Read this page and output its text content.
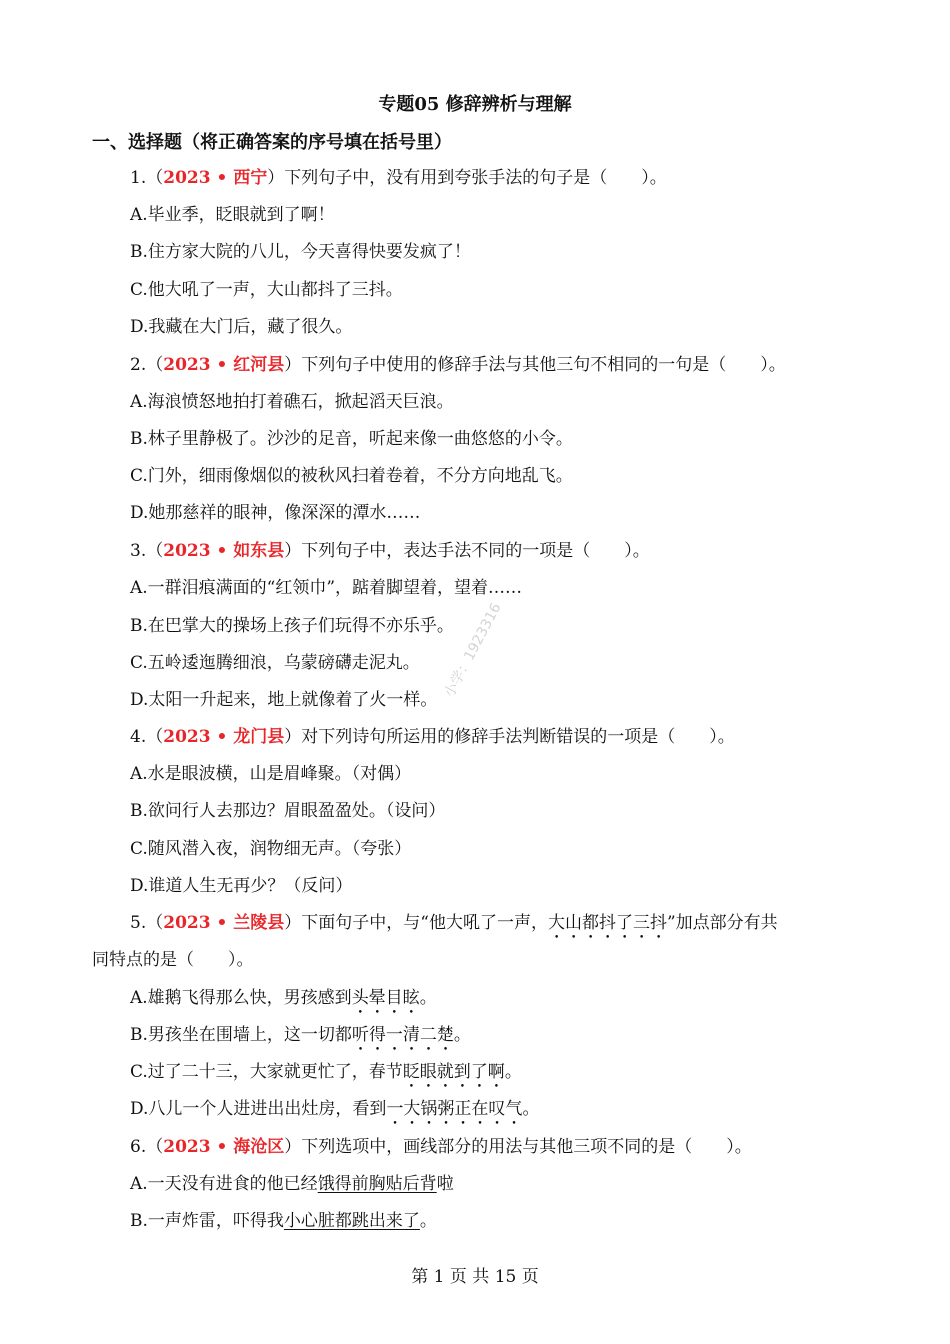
专题05 修辞辨析与理解
一、选择题（将正确答案的序号填在括号里）
1.（2023 • 西宁）下列句子中，没有用到夸张手法的句子是（　　）。
A.毕业季，眨眼就到了啊！
B.住方家大院的八儿，今天喜得快要发疯了！
C.他大吼了一声，大山都抖了三抖。
D.我藏在大门后，藏了很久。
2.（2023 • 红河县）下列句子中使用的修辞手法与其他三句不相同的一句是（　　）。
A.海浪愤怒地拍打着礁石，掀起滔天巨浪。
B.林子里静极了。沙沙的足音，听起来像一曲悠悠的小令。
C.门外，细雨像烟似的被秋风扫着卷着，不分方向地乱飞。
D.她那慈祥的眼神，像深深的潭水……
3.（2023 • 如东县）下列句子中，表达手法不同的一项是（　　）。
A.一群泪痕满面的“红领巾”，踮着脚望着，望着……
B.在巴掌大的操场上孩子们玩得不亦乐乎。
C.五岭逶迤腾细浪，乌蒙磅礴走泥丸。
D.太阳一升起来，地上就像着了火一样。
4.（2023 • 龙门县）对下列诗句所运用的修辞手法判断错误的一项是（　　）。
A.水是眼波横，山是眉峰聚。（对偶）
B.欲问行人去那边？眉眼盈盈处。（设问）
C.随风潜入夜，润物细无声。（夸张）
D.谁道人生无再少？（反问）
5.（2023 • 兰陵县）下面句子中，与“他大吼了一声，大山都抖了三抖”加点部分有共
同特点的是（　　）。
A.雄鹅飞得那么快，男孩感到头晕目眩。
B.男孩坐在围墙上，这一切都听得一清二楚。
C.过了二十三，大家就更忙了，春节眨眼就到了啊。
D.八儿一个人进进出出灶房，看到一大锅粥正在叹气。
6.（2023 • 海沧区）下列选项中，画线部分的用法与其他三项不同的是（　　）。
A.一天没有进食的他已经饿得前胸贴后背啦
B.一声炸雷，吓得我小心脏都跳出来了。
小学：1923316
第 1 页 共 15 页
